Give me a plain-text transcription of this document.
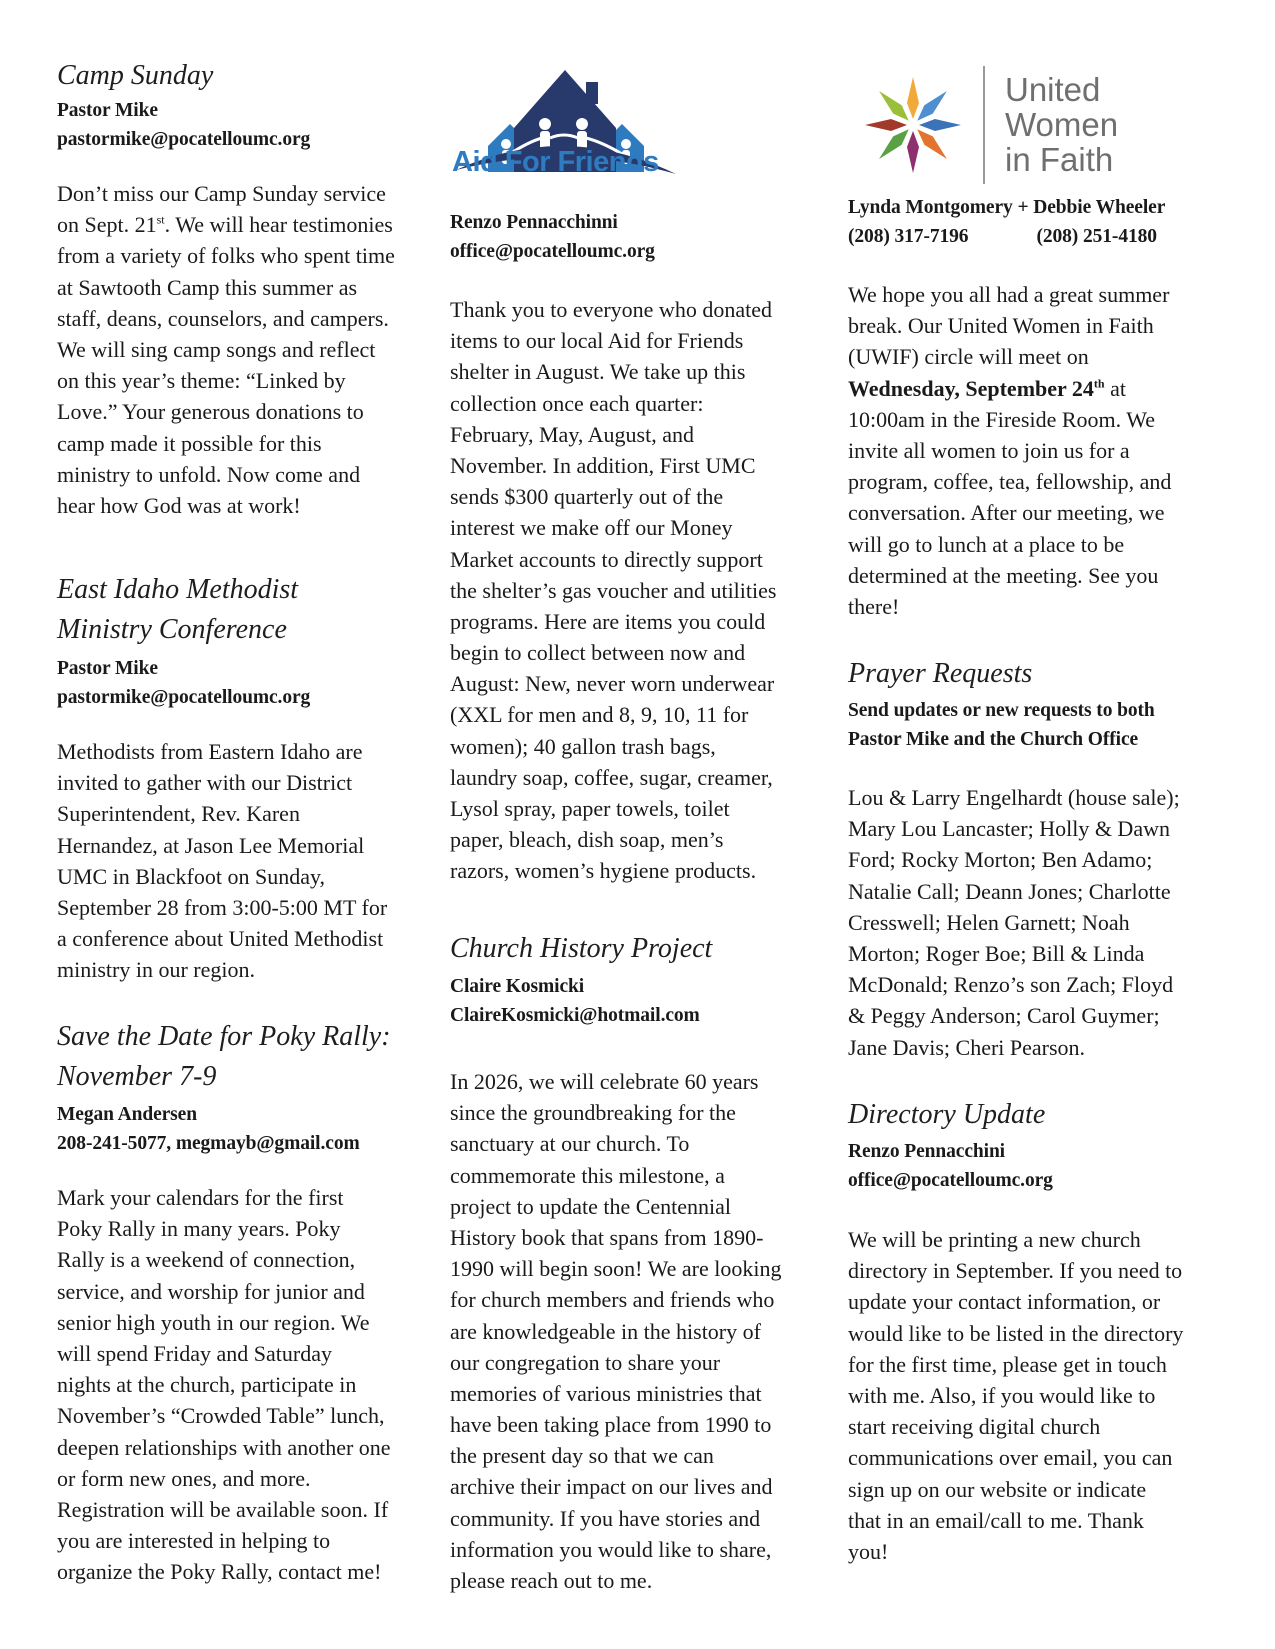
Camp Sunday
Pastor Mike
pastormike@pocatelloumc.org
Don’t miss our Camp Sunday service
on Sept. 21st. We will hear testimonies
from a variety of folks who spent time
at Sawtooth Camp this summer as
staff, deans, counselors, and campers.
We will sing camp songs and reflect
on this year’s theme: “Linked by
Love.” Your generous donations to
camp made it possible for this
ministry to unfold. Now come and
hear how God was at work!
East Idaho Methodist
Ministry Conference
Pastor Mike
pastormike@pocatelloumc.org
Methodists from Eastern Idaho are
invited to gather with our District
Superintendent, Rev. Karen
Hernandez, at Jason Lee Memorial
UMC in Blackfoot on Sunday,
September 28 from 3:00-5:00 MT for
a conference about United Methodist
ministry in our region.
Save the Date for Poky Rally:
November 7-9
Megan Andersen
208-241-5077, megmayb@gmail.com
Mark your calendars for the first
Poky Rally in many years. Poky
Rally is a weekend of connection,
service, and worship for junior and
senior high youth in our region. We
will spend Friday and Saturday
nights at the church, participate in
November’s “Crowded Table” lunch,
deepen relationships with another one
or form new ones, and more.
Registration will be available soon. If
you are interested in helping to
organize the Poky Rally, contact me!
Aid For Friends
Renzo Pennacchinni
office@pocatelloumc.org
Thank you to everyone who donated
items to our local Aid for Friends
shelter in August. We take up this
collection once each quarter:
February, May, August, and
November. In addition, First UMC
sends $300 quarterly out of the
interest we make off our Money
Market accounts to directly support
the shelter’s gas voucher and utilities
programs. Here are items you could
begin to collect between now and
August: New, never worn underwear
(XXL for men and 8, 9, 10, 11 for
women); 40 gallon trash bags,
laundry soap, coffee, sugar, creamer,
Lysol spray, paper towels, toilet
paper, bleach, dish soap, men’s
razors, women’s hygiene products.
Church History Project
Claire Kosmicki
ClaireKosmicki@hotmail.com
In 2026, we will celebrate 60 years
since the groundbreaking for the
sanctuary at our church. To
commemorate this milestone, a
project to update the Centennial
History book that spans from 1890-
1990 will begin soon! We are looking
for church members and friends who
are knowledgeable in the history of
our congregation to share your
memories of various ministries that
have been taking place from 1990 to
the present day so that we can
archive their impact on our lives and
community. If you have stories and
information you would like to share,
please reach out to me.
United
Women
in Faith
Lynda Montgomery + Debbie Wheeler
(208) 317-7196	(208) 251-4180
We hope you all had a great summer
break. Our United Women in Faith
(UWIF) circle will meet on
Wednesday, September 24th at
10:00am in the Fireside Room. We
invite all women to join us for a
program, coffee, tea, fellowship, and
conversation. After our meeting, we
will go to lunch at a place to be
determined at the meeting. See you
there!
Prayer Requests
Send updates or new requests to both
Pastor Mike and the Church Office
Lou & Larry Engelhardt (house sale);
Mary Lou Lancaster; Holly & Dawn
Ford; Rocky Morton; Ben Adamo;
Natalie Call; Deann Jones; Charlotte
Cresswell; Helen Garnett; Noah
Morton; Roger Boe; Bill & Linda
McDonald; Renzo’s son Zach; Floyd
& Peggy Anderson; Carol Guymer;
Jane Davis; Cheri Pearson.
Directory Update
Renzo Pennacchini
office@pocatelloumc.org
We will be printing a new church
directory in September. If you need to
update your contact information, or
would like to be listed in the directory
for the first time, please get in touch
with me. Also, if you would like to
start receiving digital church
communications over email, you can
sign up on our website or indicate
that in an email/call to me. Thank
you!
